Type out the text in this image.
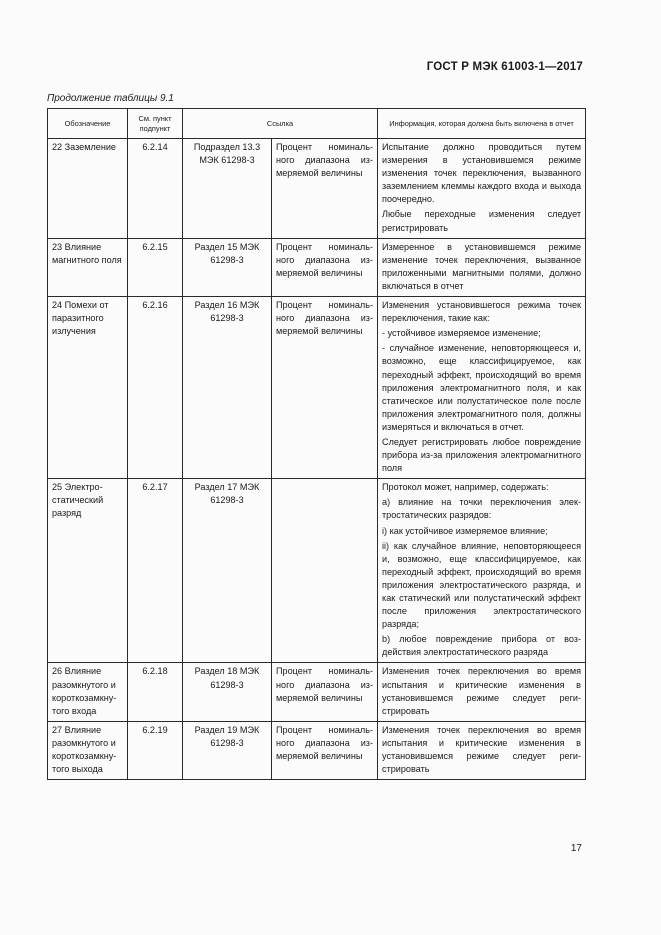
ГОСТ Р МЭК 61003-1—2017
Продолжение таблицы 9.1
Обозначение	См. пункт подпункт	Ссылка		Информация, которая должна быть включена в отчет
22 Заземление	6.2.14	Подраздел 13.3 МЭК 61298-3	Процент номинального диапазона измеряемой величины	Испытание должно проводиться путем измерения в установившемся режиме изменения точек переключения, вызванного заземлением клеммы каждого входа и выхода поочередно.

Любые переходные изменения следует регистрировать

23 Влияние магнитного поля	6.2.15	Раздел 15 МЭК 61298-3	Процент номинального диапазона измеряемой величины	Измеренное в установившемся режиме изменение точек переключения, вызванное приложенными магнитными полями, должно включаться в отчет

24 Помехи от паразитного излучения	6.2.16	Раздел 16 МЭК 61298-3	Процент номинального диапазона измеряемой величины	Изменения установившегося режима точек переключения, такие как:

- устойчивое измеряемое изменение;

- случайное изменение, неповторяющееся и, возможно, еще классифицируемое, как переходный эффект, происходящий во время приложения электромагнитного поля, и как статическое или полустатическое поле после приложения электромагнитного поля, должны измеряться и включаться в отчет.

Следует регистрировать любое повреждение прибора из-за приложения электромагнитного поля

25 Электростатический разряд	6.2.17	Раздел 17 МЭК 61298-3		Протокол может, например, содержать:

a) влияние на точки переключения электростатических разрядов:

i) как устойчивое измеряемое влияние;

ii) как случайное влияние, неповторяющееся и, возможно, еще классифицируемое, как переходный эффект, происходящий во время приложения электростатического разряда, и как статический или полустатический эффект после приложения электростатического разряда;

b) любое повреждение прибора от воздействия электростатического разряда

26 Влияние разомкнутого и короткозамкнутого входа	6.2.18	Раздел 18 МЭК 61298-3	Процент номинального диапазона измеряемой величины	Изменения точек переключения во время испытания и критические изменения в установившемся режиме следует регистрировать

27 Влияние разомкнутого и короткозамкнутого выхода	6.2.19	Раздел 19 МЭК 61298-3	Процент номинального диапазона измеряемой величины	Изменения точек переключения во время испытания и критические изменения в установившемся режиме следует регистрировать

17
